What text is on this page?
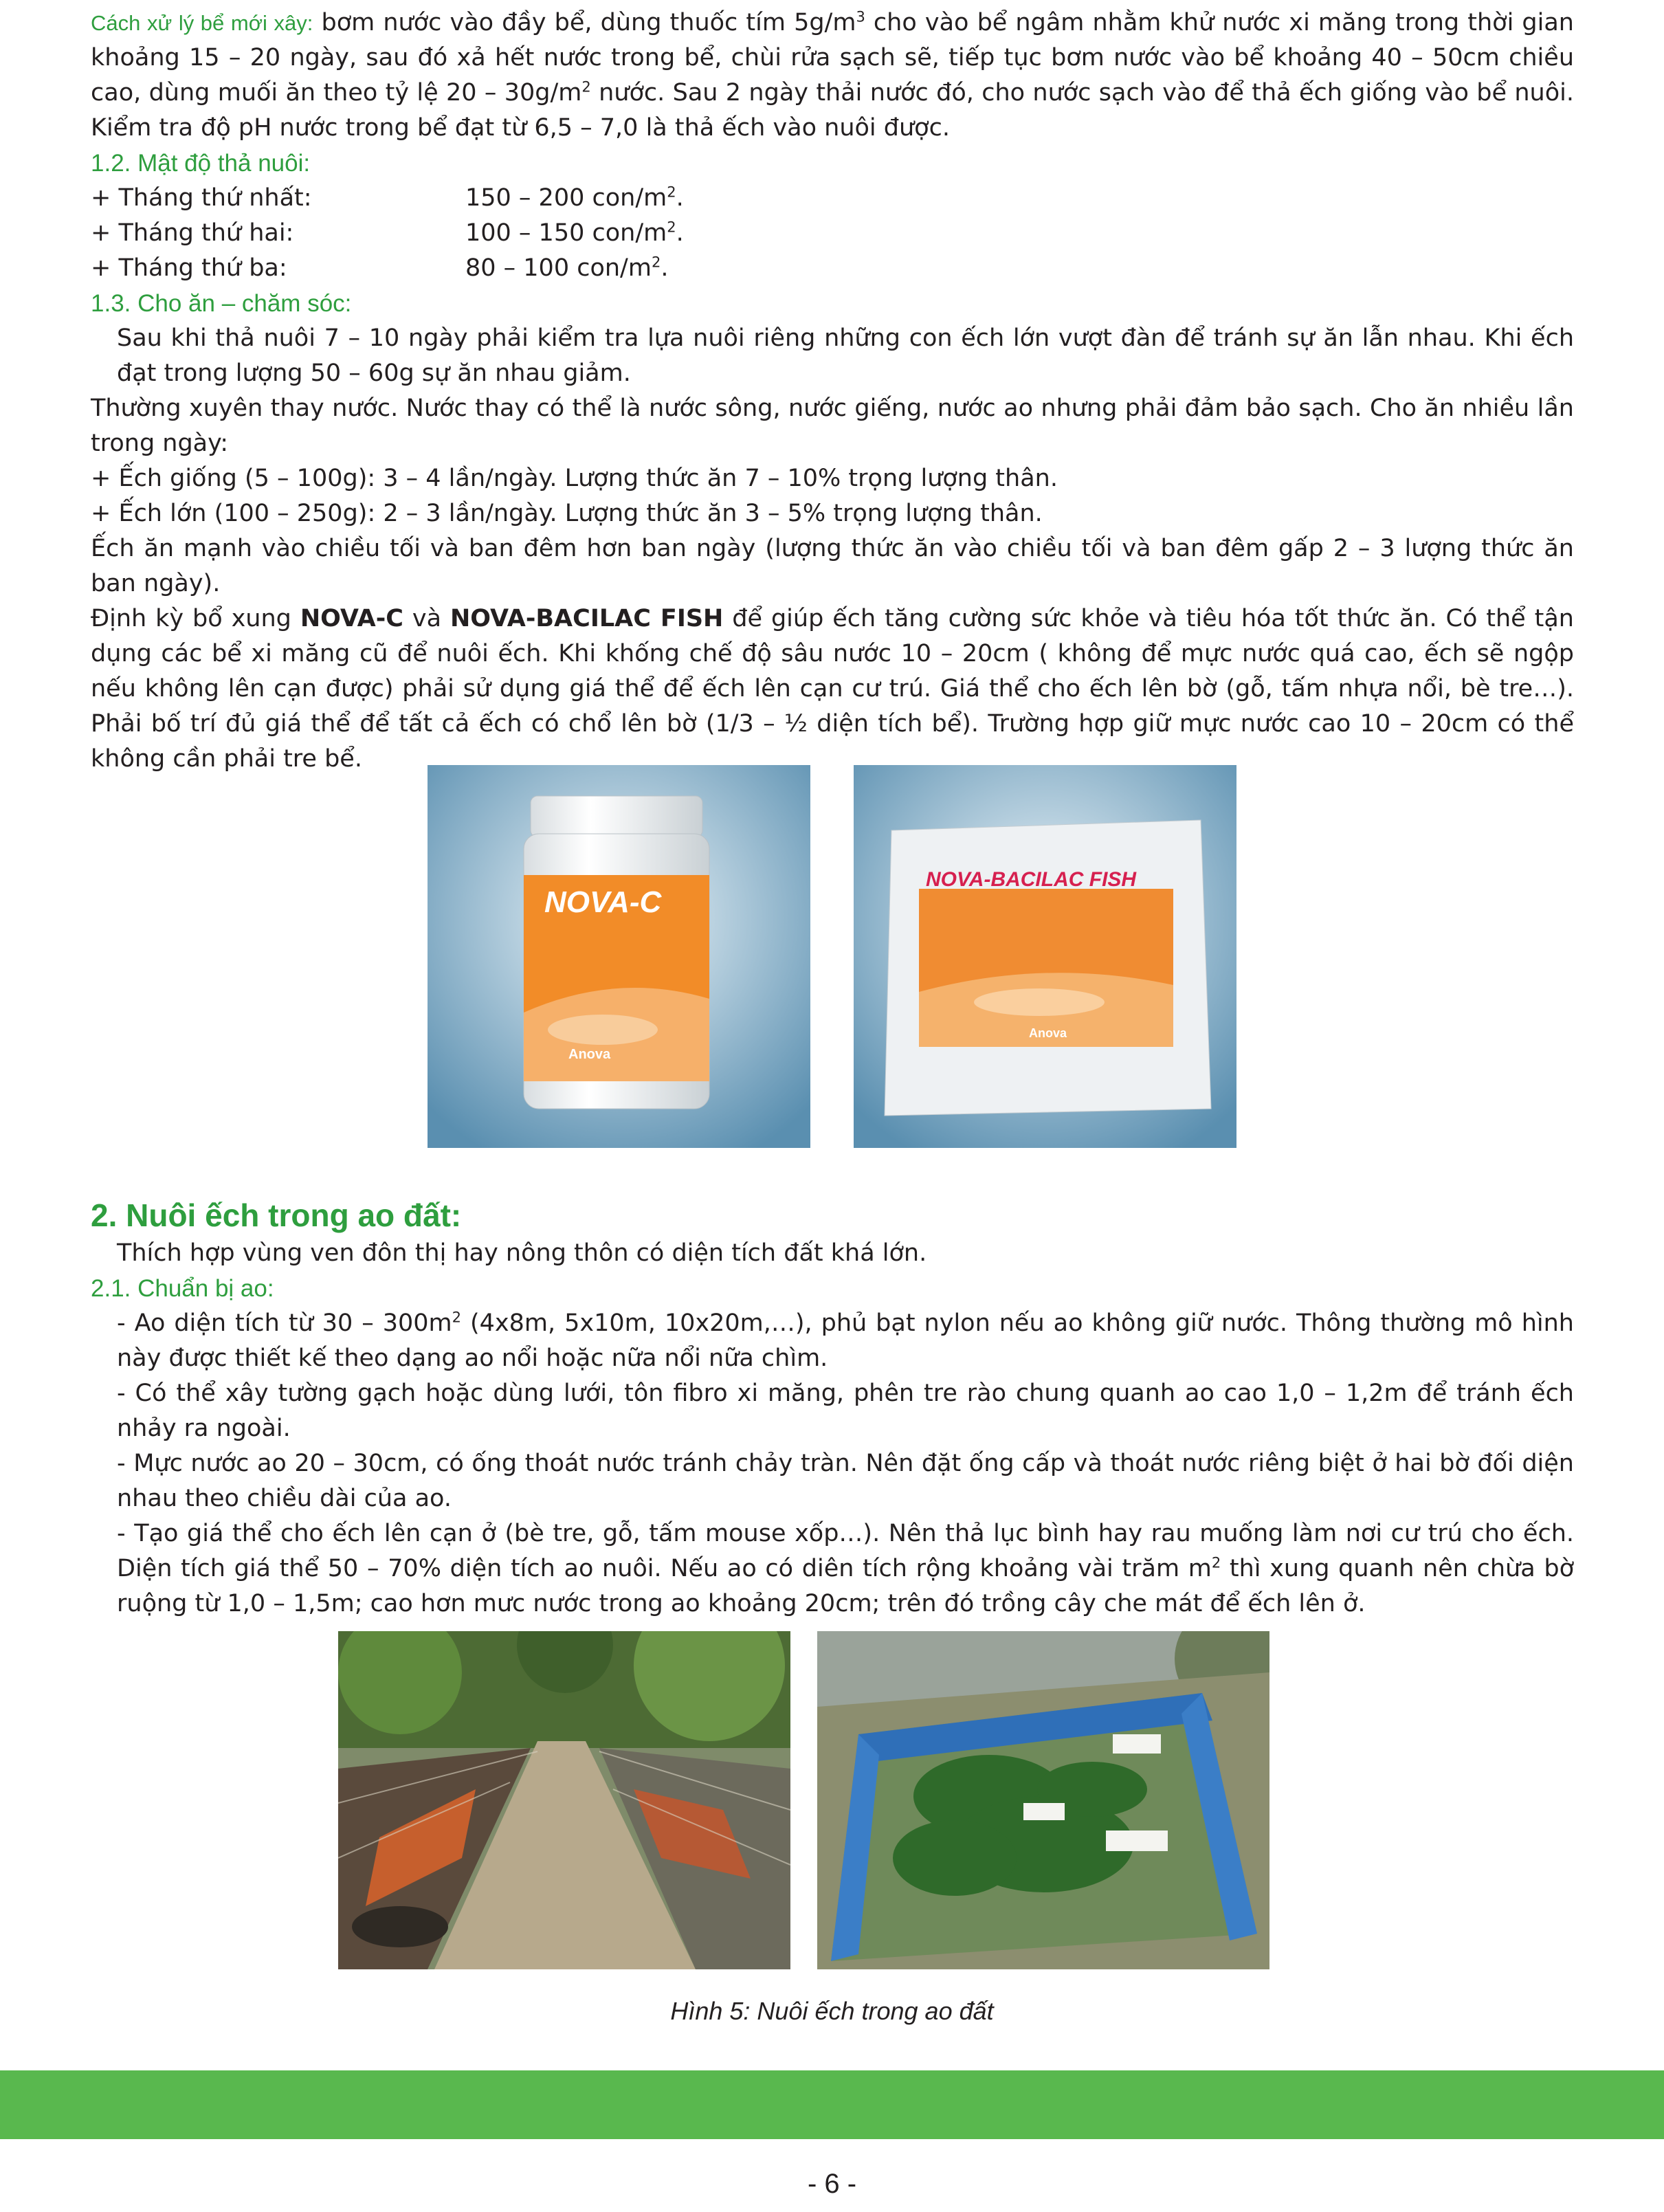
Cách xử lý bể mới xây: bơm nước vào đầy bể, dùng thuốc tím $5g/m^3$ cho vào bể ngâm nhằm khử nước xi măng trong thời gian khoảng 15 – 20 ngày, sau đó xả hết nước trong bể, chùi rửa sạch sẽ, tiếp tục bơm nước vào bể khoảng 40 – 50cm chiều cao, dùng muối ăn theo tỷ lệ $20 - 30g/m^2$ nước. Sau 2 ngày thải nước đó, cho nước sạch vào để thả ếch giống vào bể nuôi. Kiểm tra độ pH nước trong bể đạt từ 6,5 – 7,0 là thả ếch vào nuôi được.

1.2. Mật độ thả nuôi:

+ Tháng thứ nhất:	150 – 200 con/$m^2$.
+ Tháng thứ hai:	100 – 150 con/$m^2$.
+ Tháng thứ ba:	80 – 100 con/$m^2$.

1.3. Cho ăn – chăm sóc:

Sau khi thả nuôi 7 – 10 ngày phải kiểm tra lựa nuôi riêng những con ếch lớn vượt đàn để tránh sự ăn lẫn nhau. Khi ếch đạt trong lượng 50 – 60g sự ăn nhau giảm.

Thường xuyên thay nước. Nước thay có thể là nước sông, nước giếng, nước ao nhưng phải đảm bảo sạch. Cho ăn nhiều lần trong ngày:

+ Ếch giống (5 – 100g): 3 – 4 lần/ngày. Lượng thức ăn 7 – 10% trọng lượng thân.

+ Ếch lớn (100 – 250g): 2 – 3 lần/ngày. Lượng thức ăn 3 – 5% trọng lượng thân.

Ếch ăn mạnh vào chiều tối và ban đêm hơn ban ngày (lượng thức ăn vào chiều tối và ban đêm gấp 2 – 3 lượng thức ăn ban ngày).

Định kỳ bổ xung NOVA-C và NOVA-BACILAC FISH để giúp ếch tăng cường sức khỏe và tiêu hóa tốt thức ăn. Có thể tận dụng các bể xi măng cũ để nuôi ếch. Khi khống chế độ sâu nước 10 – 20cm ( không để mực nước quá cao, ếch sẽ ngộp nếu không lên cạn được) phải sử dụng giá thể để ếch lên cạn cư trú. Giá thể cho ếch lên bờ (gỗ, tấm nhựa nổi, bè tre…). Phải bố trí đủ giá thể để tất cả ếch có chổ lên bờ (1/3 – ½ diện tích bể). Trường hợp giữ mực nước cao 10 – 20cm có thể không cần phải tre bể.

NOVA-C
Anova
NOVA-BACILAC FISH
Anova

2. Nuôi ếch trong ao đất:

Thích hợp vùng ven đôn thị hay nông thôn có diện tích đất khá lớn.

2.1. Chuẩn bị ao:

- Ao diện tích từ $30 - 300m^2$ (4x8m, 5x10m, 10x20m,…), phủ bạt nylon nếu ao không giữ nước. Thông thường mô hình này được thiết kế theo dạng ao nổi hoặc nữa nổi nữa chìm.

- Có thể xây tường gạch hoặc dùng lưới, tôn fibro xi măng, phên tre rào chung quanh ao cao 1,0 – 1,2m để tránh ếch nhảy ra ngoài.

- Mực nước ao 20 – 30cm, có ống thoát nước tránh chảy tràn. Nên đặt ống cấp và thoát nước riêng biệt ở hai bờ đối diện nhau theo chiều dài của ao.

- Tạo giá thể cho ếch lên cạn ở (bè tre, gỗ, tấm mouse xốp…). Nên thả lục bình hay rau muống làm nơi cư trú cho ếch. Diện tích giá thể 50 – 70% diện tích ao nuôi. Nếu ao có diên tích rộng khoảng vài trăm $m^2$ thì xung quanh nên chừa bờ ruộng từ 1,0 – 1,5m; cao hơn mưc nước trong ao khoảng 20cm; trên đó trồng cây che mát để ếch lên ở.

Hình 5: Nuôi ếch trong ao đất
- 6 -
